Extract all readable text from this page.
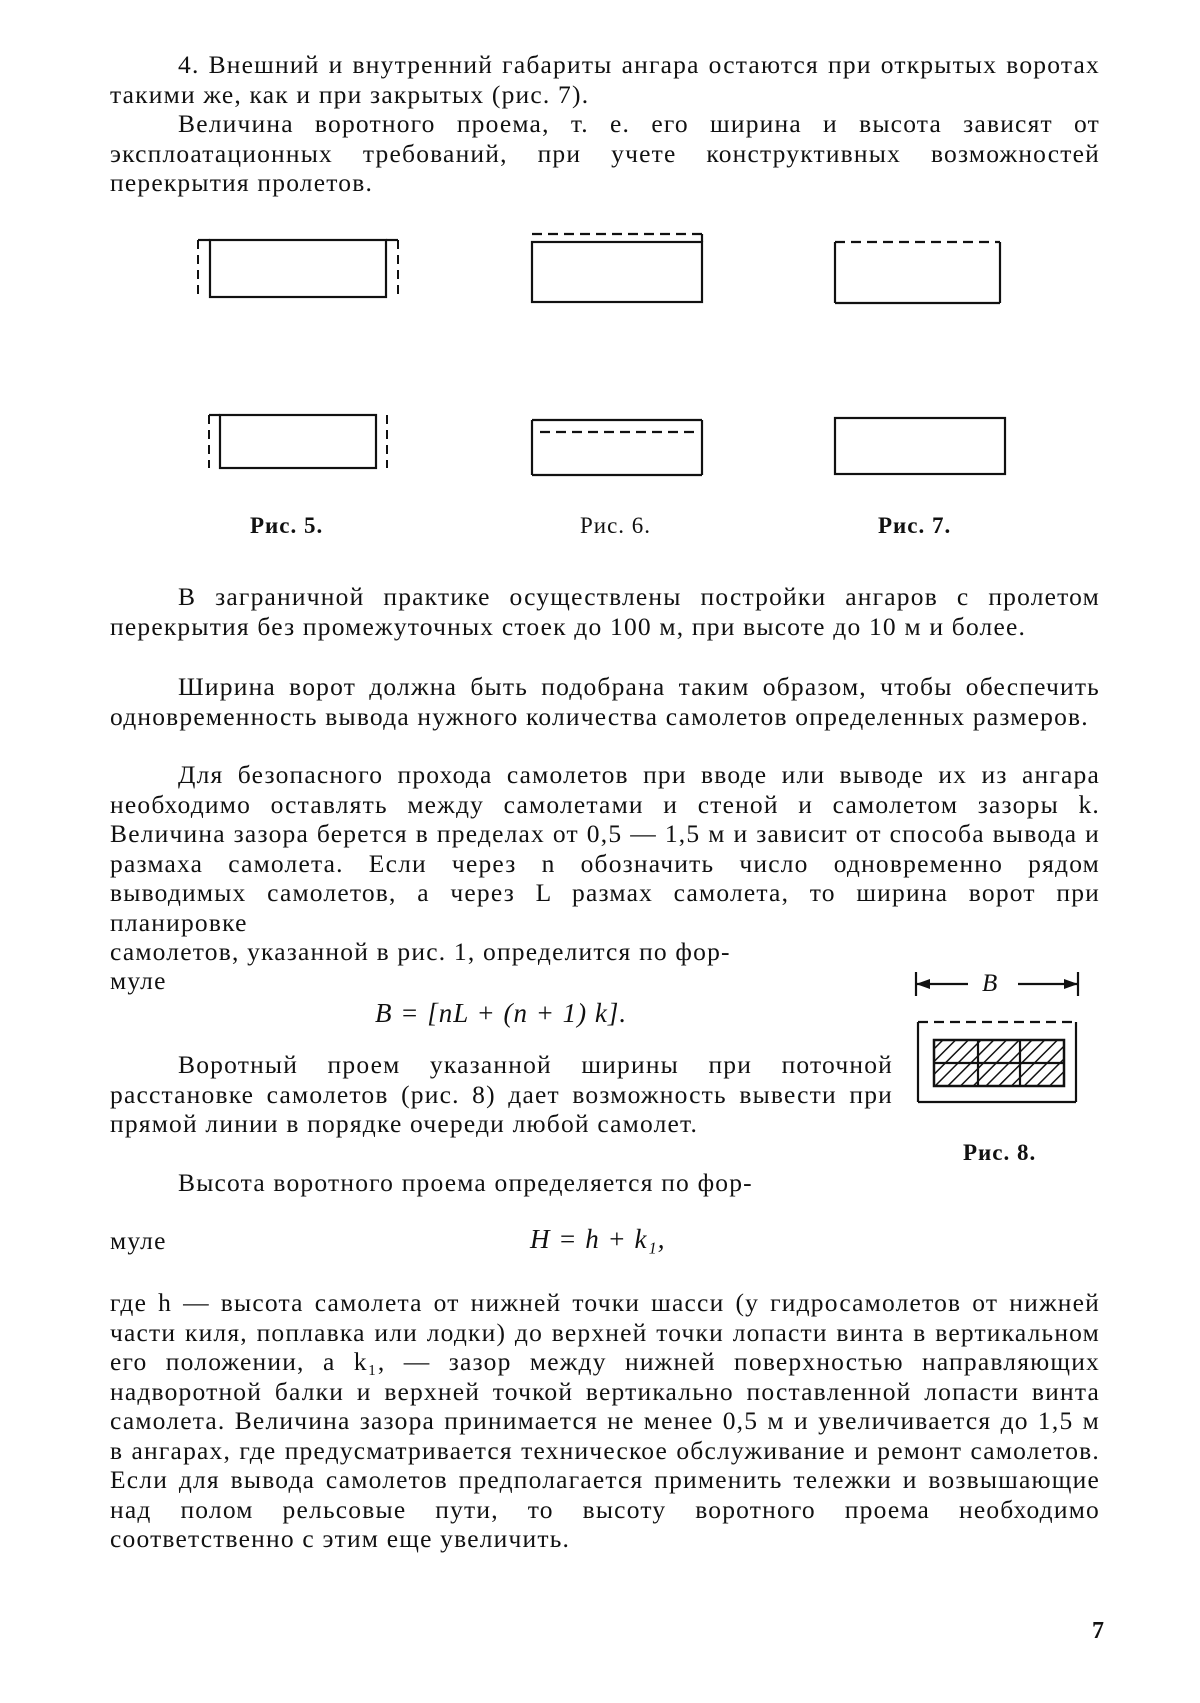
4. Внешний и внутренний габариты ангара остаются при открытых воротах такими же, как и при закрытых (рис. 7).

Величина воротного проема, т. е. его ширина и высота зависят от эксплоатационных требований, при учете конструктивных возможностей перекрытия пролетов.

Рис. 5.	Рис. 6.	Рис. 7.

В заграничной практике осуществлены постройки ангаров с пролетом перекрытия без промежуточных стоек до 100 м, при высоте до 10 м и более.

Ширина ворот должна быть подобрана таким образом, чтобы обеспечить одновременность вывода нужного количества самолетов определенных размеров.

Для безопасного прохода самолетов при вводе или выводе их из ангара необходимо оставлять между самолетами и стеной и самолетом зазоры k. Величина зазора берется в пределах от 0,5 — 1,5 м и зависит от способа вывода и размаха самолета. Если через n обозначить число одновременно рядом выводимых самолетов, а через L размах самолета, то ширина ворот при планировке

самолетов, указанной в рис. 1, определится по фор-

муле
B = [nL + (n + 1) k].
B
Рис. 8.

Воротный проем указанной ширины при поточной расстановке самолетов (рис. 8) дает возможность вывести при прямой линии в порядке очереди любой самолет.

Высота воротного проема определяется по фор-

муле	H = h + k₁,

где h — высота самолета от нижней точки шасси (у гидросамолетов от нижней части киля, поплавка или лодки) до верхней точки лопасти винта в вертикальном его положении, а k₁, — зазор между нижней поверхностью направляющих надворотной балки и верхней точкой вертикально поставленной лопасти винта самолета. Величина зазора принимается не менее 0,5 м и увеличивается до 1,5 м в ангарах, где предусматривается техническое обслуживание и ремонт самолетов. Если для вывода самолетов предполагается применить тележки и возвышающие над полом рельсовые пути, то высоту воротного проема необходимо соответственно с этим еще увеличить.

7
